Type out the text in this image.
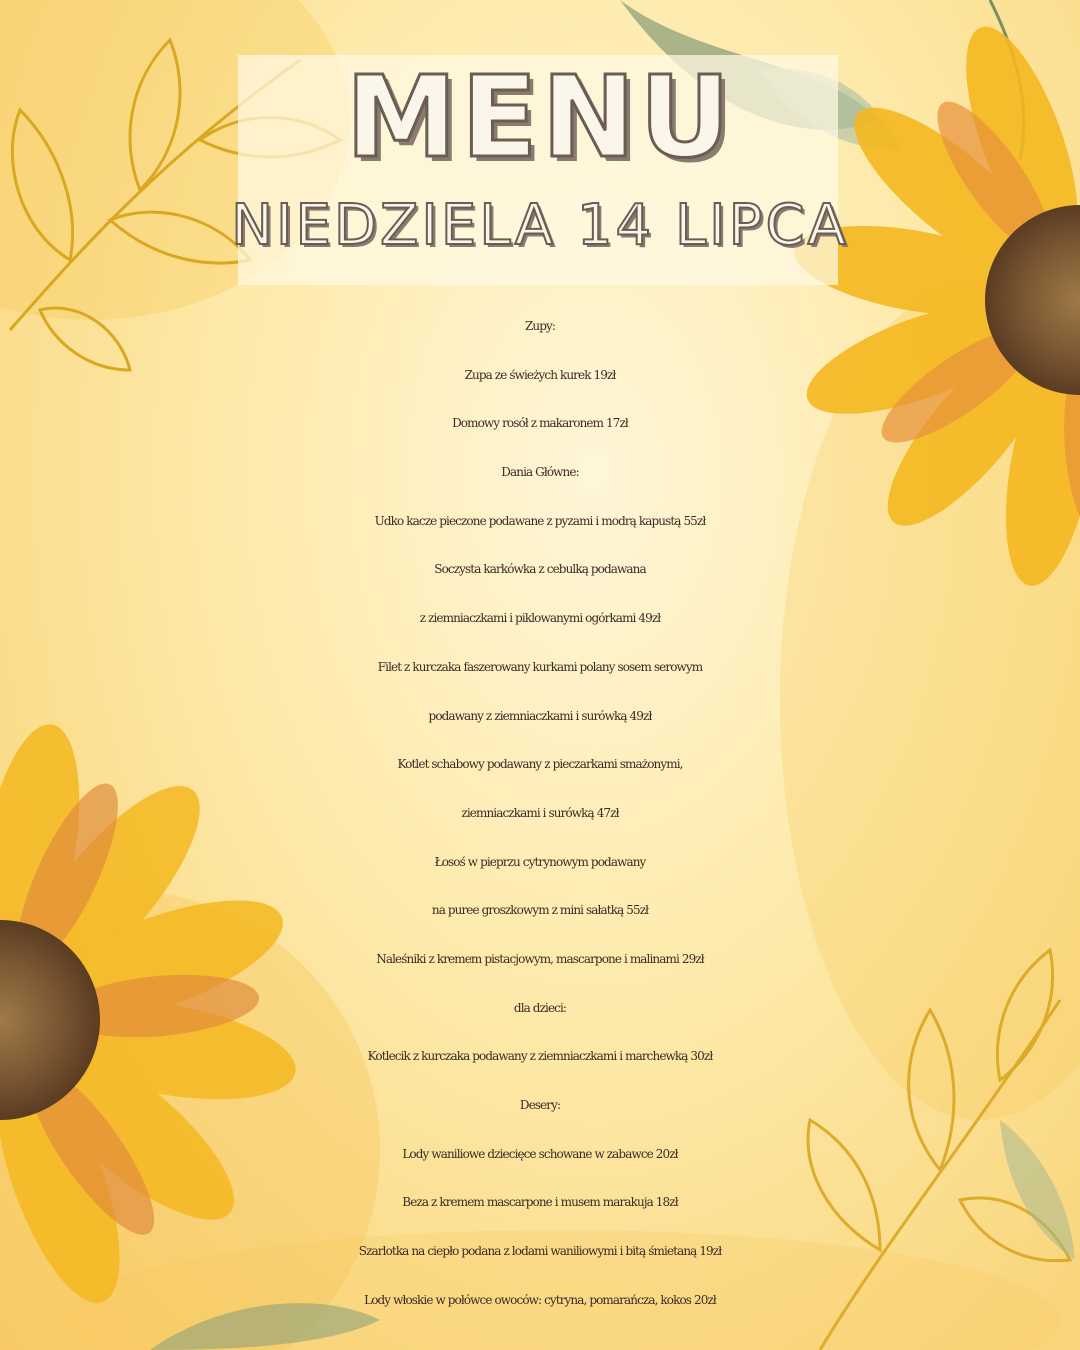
MENU
NIEDZIELA 14 LIPCA
Zupy:
Zupa ze świeżych kurek 19zł
Domowy rosół z makaronem 17zł
Dania Główne:
Udko kacze pieczone podawane z pyzami i modrą kapustą 55zł
Soczysta karkówka z cebulką podawana
z ziemniaczkami i piklowanymi ogórkami 49zł
Filet z kurczaka faszerowany kurkami polany sosem serowym
podawany z ziemniaczkami i surówką 49zł
Kotlet schabowy podawany z pieczarkami smażonymi,
ziemniaczkami i surówką 47zł
Łosoś w pieprzu cytrynowym podawany
na puree groszkowym z mini sałatką 55zł
Naleśniki z kremem pistacjowym, mascarpone i malinami 29zł
dla dzieci:
Kotlecik z kurczaka podawany z ziemniaczkami i marchewką 30zł
Desery:
Lody waniliowe dziecięce schowane w zabawce 20zł
Beza z kremem mascarpone i musem marakuja 18zł
Szarlotka na ciepło podana z lodami waniliowymi i bitą śmietaną 19zł
Lody włoskie w połówce owoców: cytryna, pomarańcza, kokos 20zł
